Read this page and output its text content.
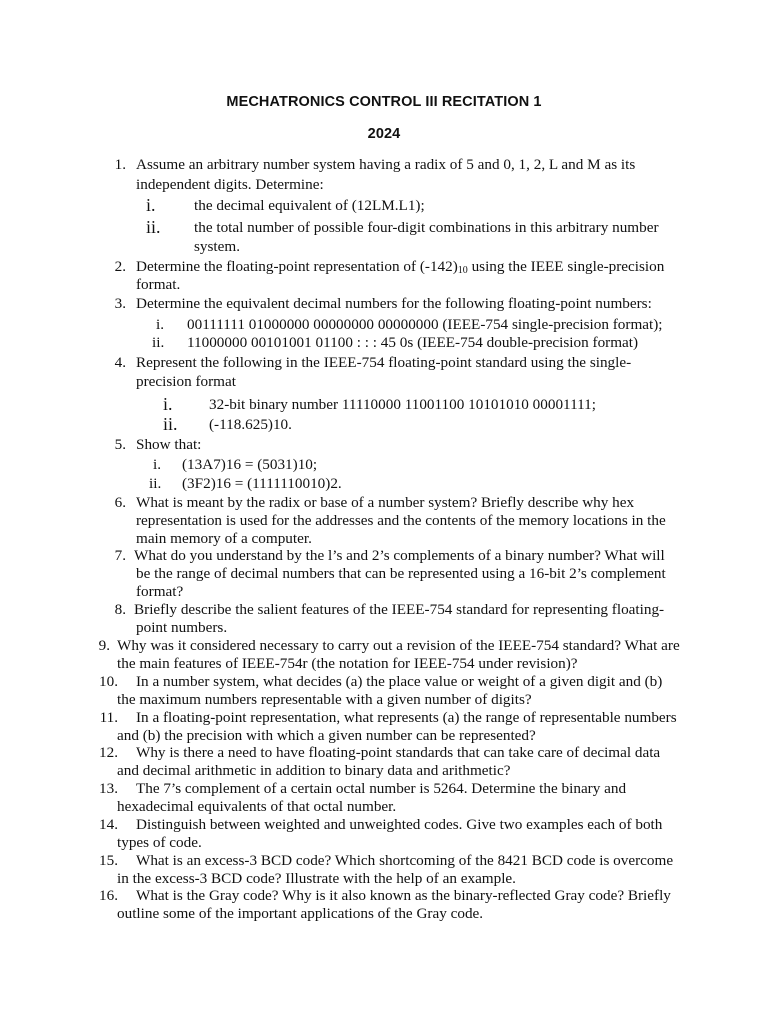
MECHATRONICS CONTROL III RECITATION 1
2024
1. Assume an arbitrary number system having a radix of 5 and 0, 1, 2, L and M as its
independent digits. Determine:
i.	the decimal equivalent of (12LM.L1);
ii. the total number of possible four-digit combinations in this arbitrary number
system.
2. Determine the floating-point representation of $(-142)_{10}$ using the IEEE single-precision
format.
3. Determine the equivalent decimal numbers for the following floating-point numbers:
i. 00111111 01000000 00000000 00000000 (IEEE-754 single-precision format);
ii. 11000000 00101001 01100 : : : 45 0s (IEEE-754 double-precision format)
4. Represent the following in the IEEE-754 floating-point standard using the single-
precision format
i. 32-bit binary number 11110000 11001100 10101010 00001111;
ii. (-118.625)10.
5. Show that:
i. (13A7)16 = (5031)10;
ii. (3F2)16 = (1111110010)2.
6. What is meant by the radix or base of a number system? Briefly describe why hex
representation is used for the addresses and the contents of the memory locations in the
main memory of a computer.
7. What do you understand by the l’s and 2’s complements of a binary number? What will
be the range of decimal numbers that can be represented using a 16-bit 2’s complement
format?
8. Briefly describe the salient features of the IEEE-754 standard for representing floating-
point numbers.
9. Why was it considered necessary to carry out a revision of the IEEE-754 standard? What are
the main features of IEEE-754r (the notation for IEEE-754 under revision)?
10. In a number system, what decides (a) the place value or weight of a given digit and (b)
the maximum numbers representable with a given number of digits?
11. In a floating-point representation, what represents (a) the range of representable numbers
and (b) the precision with which a given number can be represented?
12. Why is there a need to have floating-point standards that can take care of decimal data
and decimal arithmetic in addition to binary data and arithmetic?
13. The 7’s complement of a certain octal number is 5264. Determine the binary and
hexadecimal equivalents of that octal number.
14. Distinguish between weighted and unweighted codes. Give two examples each of both
types of code.
15. What is an excess-3 BCD code? Which shortcoming of the 8421 BCD code is overcome
in the excess-3 BCD code? Illustrate with the help of an example.
16. What is the Gray code? Why is it also known as the binary-reflected Gray code? Briefly
outline some of the important applications of the Gray code.
